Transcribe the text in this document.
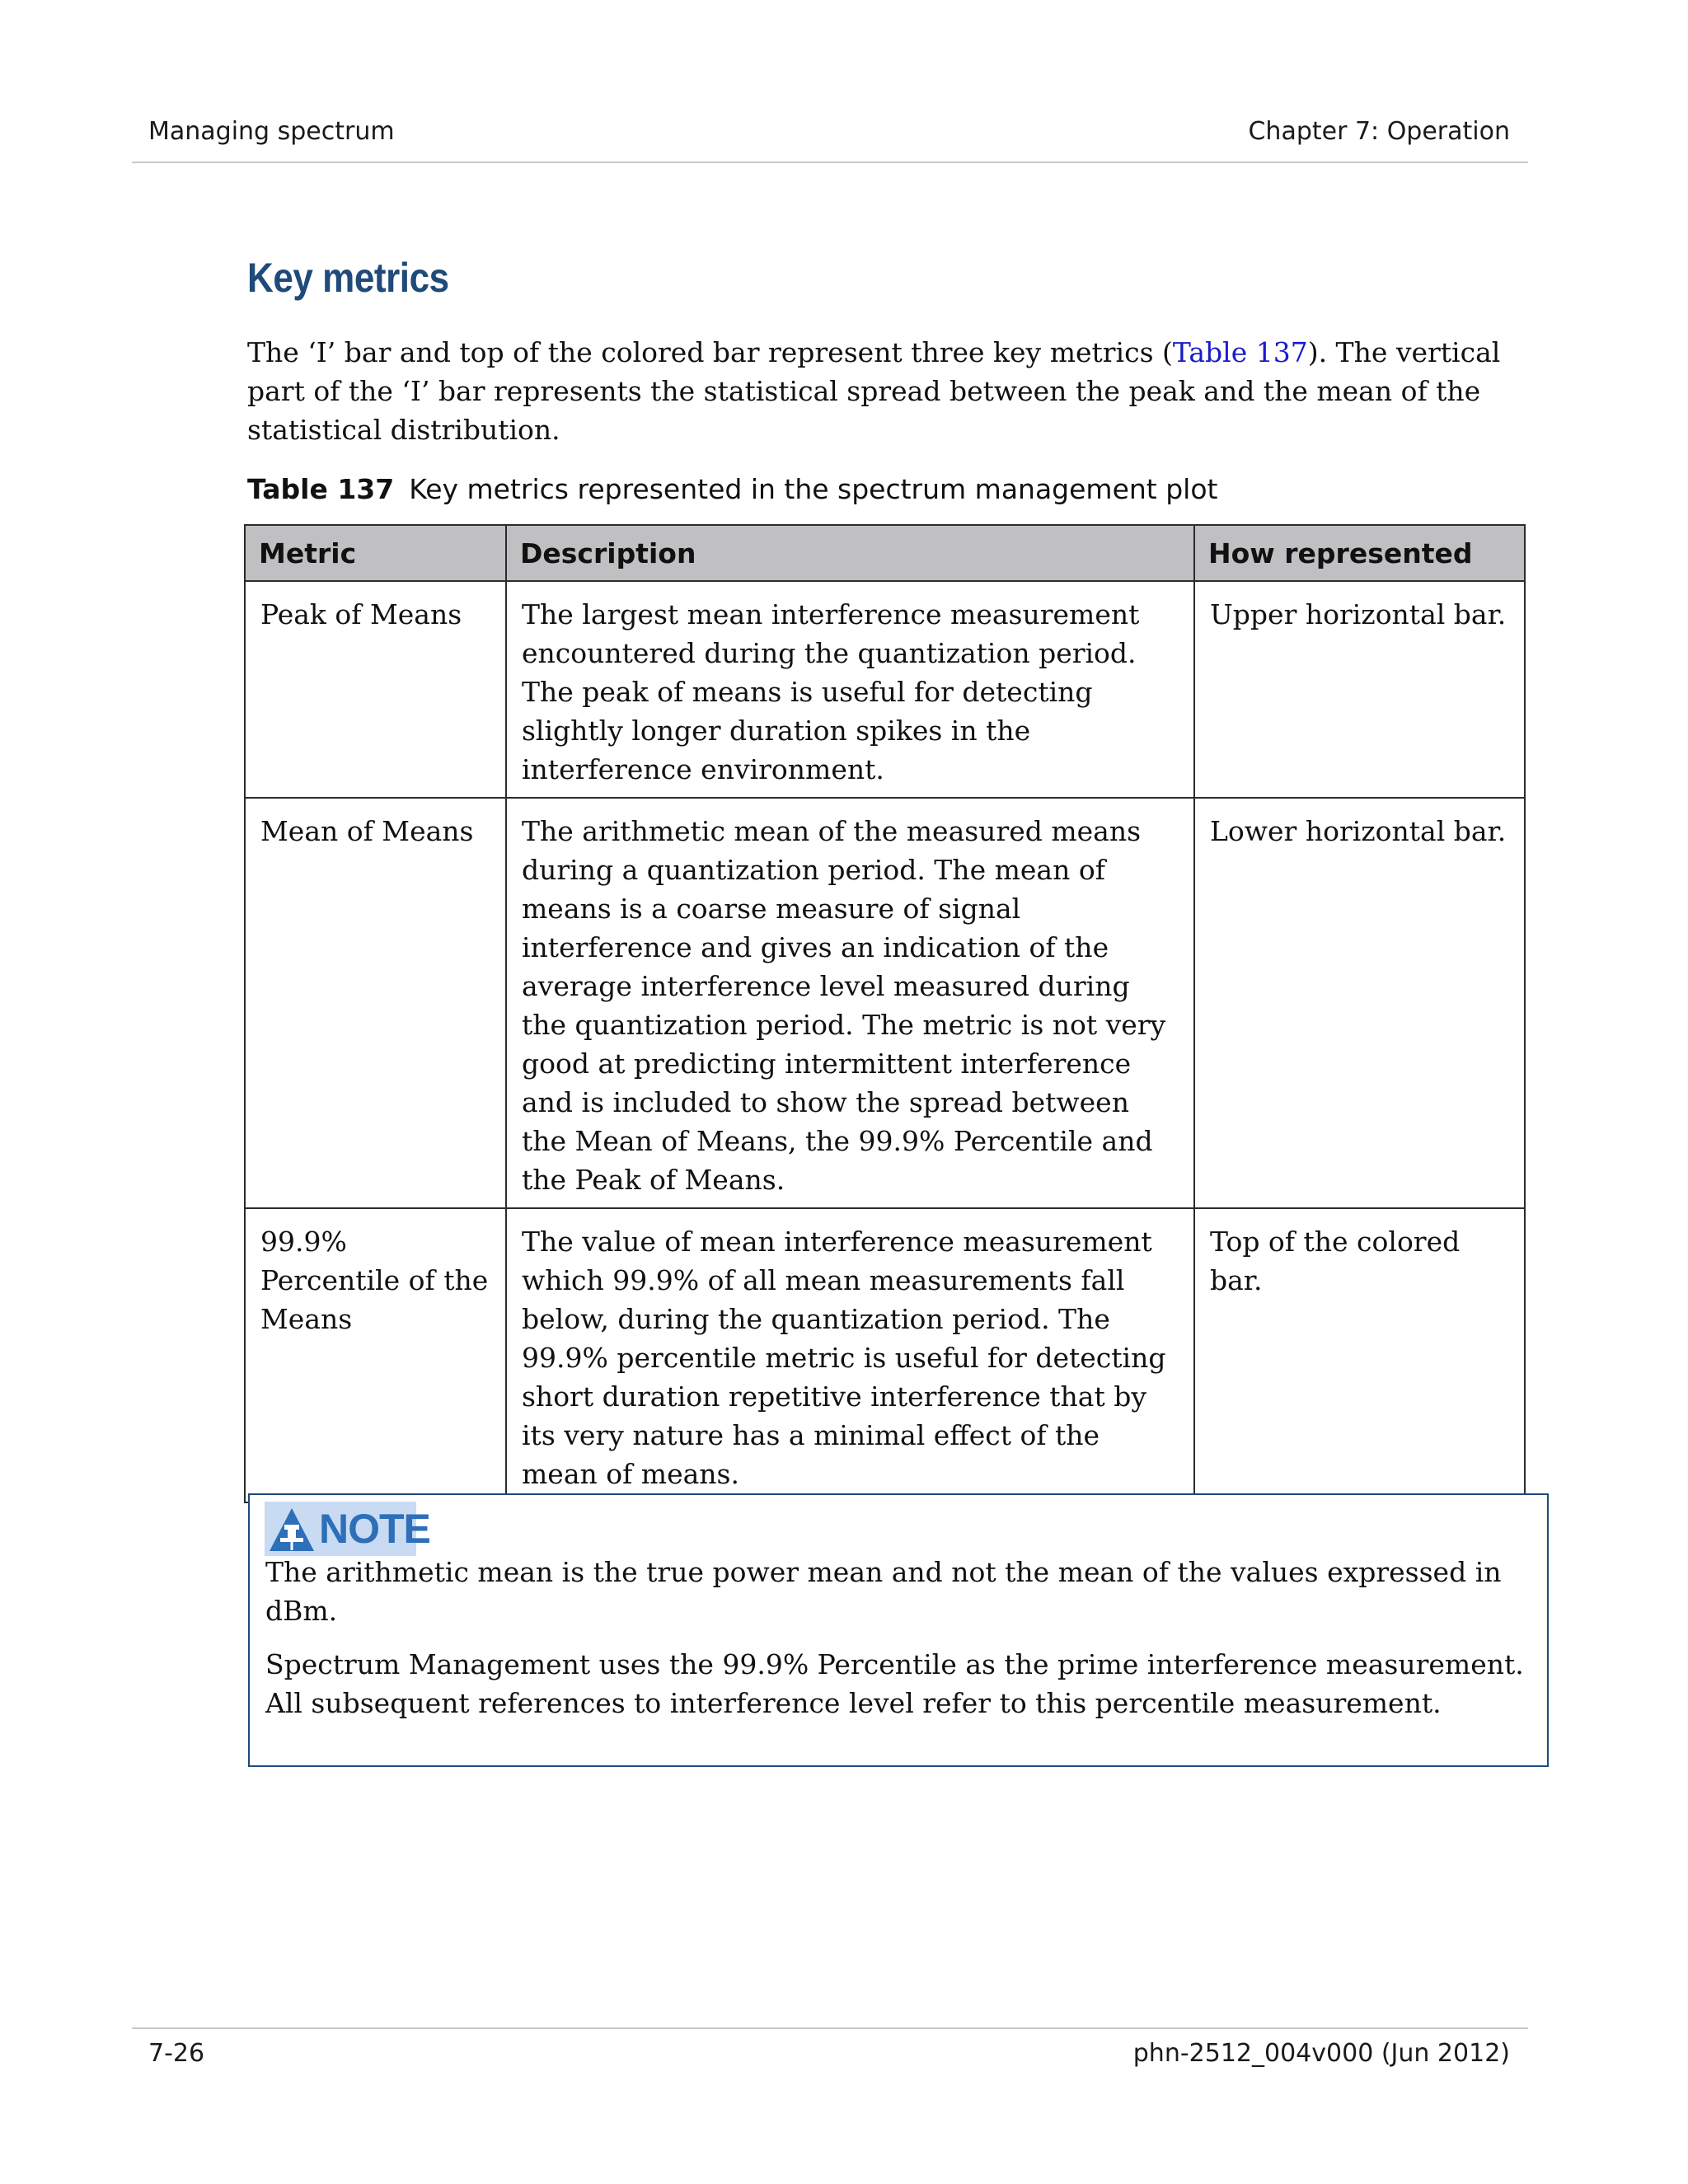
Managing spectrum	Chapter 7: Operation
Key metrics

The ‘I’ bar and top of the colored bar represent three key metrics (Table 137). The vertical part of the ‘I’ bar represents the statistical spread between the peak and the mean of the statistical distribution.

Table 137 Key metrics represented in the spectrum management plot
Metric	Description	How represented
Peak of Means	The largest mean interference measurement encountered during the quantization period. The peak of means is useful for detecting slightly longer duration spikes in the interference environment.	Upper horizontal bar.
Mean of Means	The arithmetic mean of the measured means during a quantization period. The mean of means is a coarse measure of signal interference and gives an indication of the average interference level measured during the quantization period. The metric is not very good at predicting intermittent interference and is included to show the spread between the Mean of Means, the 99.9% Percentile and the Peak of Means.	Lower horizontal bar.
99.9% Percentile of the Means	The value of mean interference measurement which 99.9% of all mean measurements fall below, during the quantization period. The 99.9% percentile metric is useful for detecting short duration repetitive interference that by its very nature has a minimal effect of the mean of means.	Top of the colored bar.
NOTE

The arithmetic mean is the true power mean and not the mean of the values expressed in dBm.

Spectrum Management uses the 99.9% Percentile as the prime interference measurement. All subsequent references to interference level refer to this percentile measurement.

7-26	phn-2512_004v000 (Jun 2012)
